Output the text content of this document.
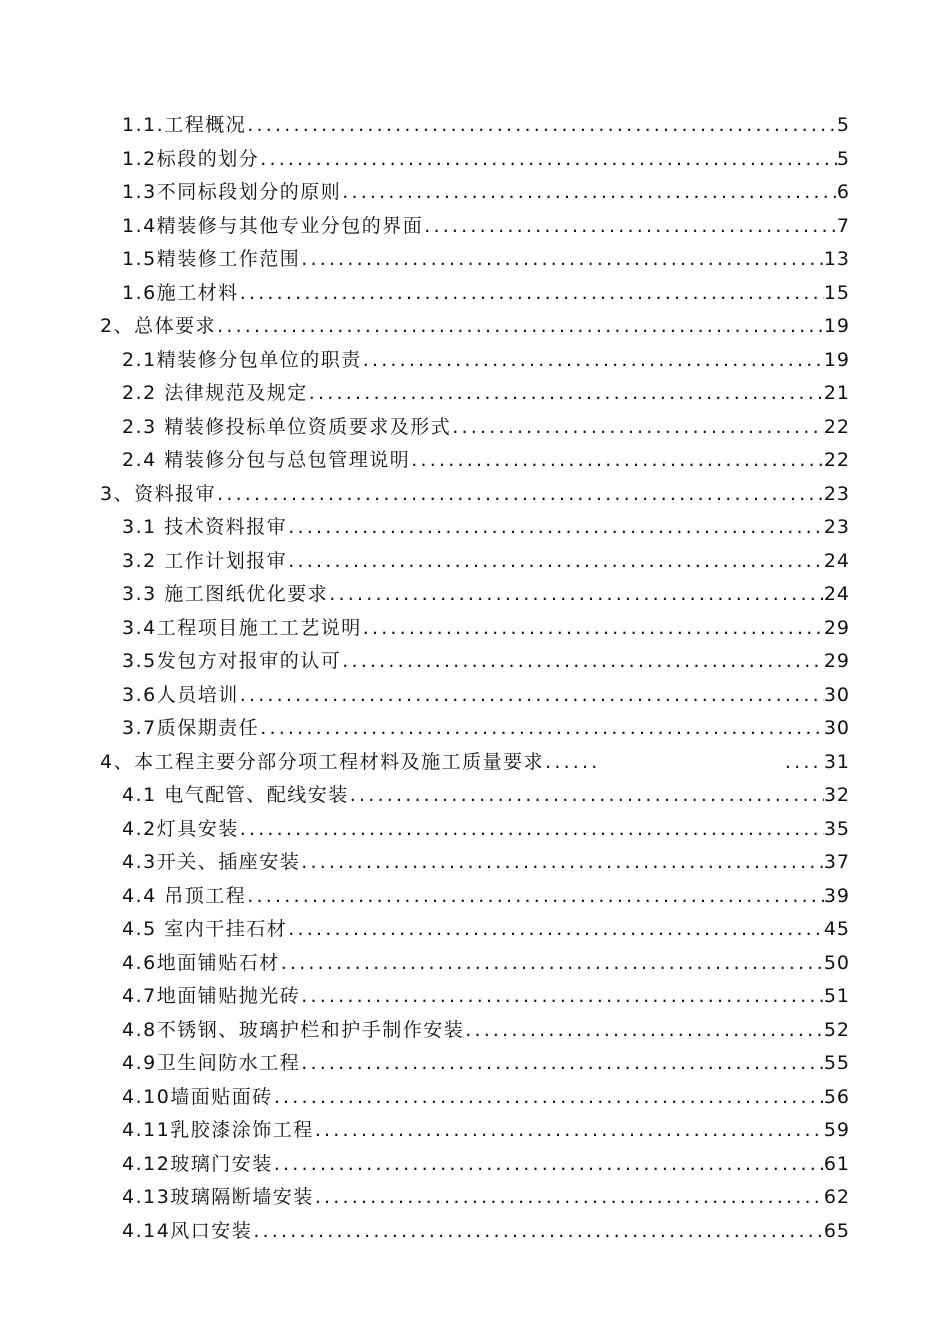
1.1.工程概况 .....	5
1.2标段的划分 .....	5
1.3不同标段划分的原则 .....	6
1.4精装修与其他专业分包的界面 .....	7
1.5精装修工作范围 .....	13
1.6施工材料 .....	15
2、总体要求 .....	19
2.1精装修分包单位的职责 .....	19
2.2 法律规范及规定 .....	21
2.3 精装修投标单位资质要求及形式 .....	22
2.4 精装修分包与总包管理说明 .....	22
3、资料报审 .....	23
3.1 技术资料报审 .....	23
3.2 工作计划报审 .....	24
3.3 施工图纸优化要求 .....	24
3.4工程项目施工工艺说明 .....	29
3.5发包方对报审的认可 .....	29
3.6人员培训 .....	30
3.7质保期责任 .....	30
4、本工程主要分部分项工程材料及施工质量要求 ......	.... 31
4.1 电气配管、配线安装 .....	32
4.2灯具安装 .....	35
4.3开关、插座安装 .....	37
4.4 吊顶工程 .....	39
4.5 室内干挂石材 .....	45
4.6地面铺贴石材 .....	50
4.7地面铺贴抛光砖 .....	51
4.8不锈钢、玻璃护栏和护手制作安装 .....	52
4.9卫生间防水工程 .....	55
4.10墙面贴面砖 .....	56
4.11乳胶漆涂饰工程 .....	59
4.12玻璃门安装 .....	61
4.13玻璃隔断墙安装 .....	62
4.14风口安装 .....	65
